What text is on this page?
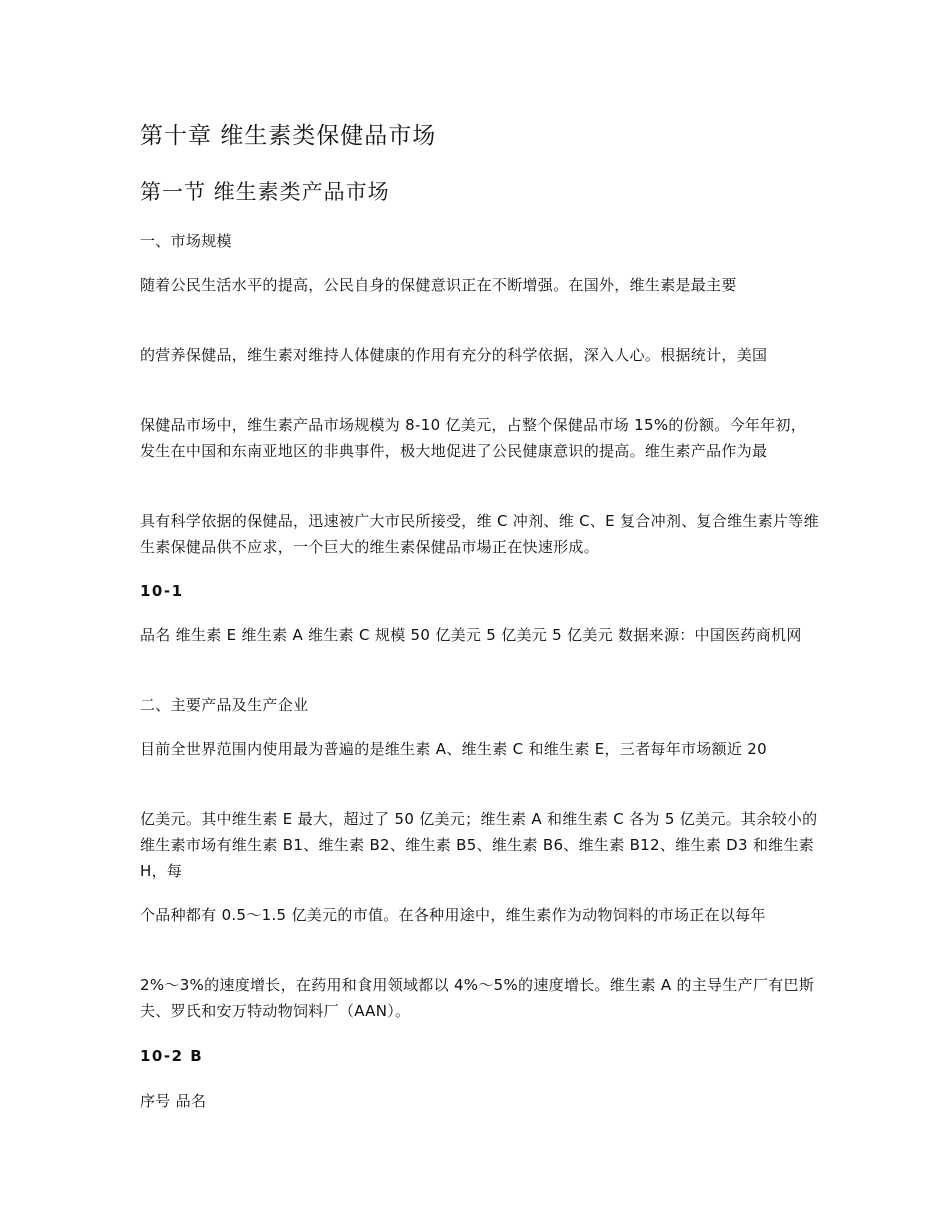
第十章 维生素类保健品市场
第一节 维生素类产品市场
一、市场规模
随着公民生活水平的提高，公民自身的保健意识正在不断增强。在国外，维生素是最主要
的营养保健品，维生素对维持人体健康的作用有充分的科学依据，深入人心。根据统计，美国
保健品市场中，维生素产品市场规模为 8-10 亿美元，占整个保健品市场 15%的份额。今年年初，发生在中国和东南亚地区的非典事件，极大地促进了公民健康意识的提高。维生素产品作为最
具有科学依据的保健品，迅速被广大市民所接受，维 C 冲剂、维 C、E 复合冲剂、复合维生素片等维生素保健品供不应求，一个巨大的维生素保健品市場正在快速形成。
10-1
品名 维生素 E 维生素 A 维生素 C 规模 50 亿美元 5 亿美元 5 亿美元 数据来源：中国医药商机网
二、主要产品及生产企业
目前全世界范围内使用最为普遍的是维生素 A、维生素 C 和维生素 E，三者每年市场额近 20
亿美元。其中维生素 E 最大，超过了 50 亿美元；维生素 A 和维生素 C 各为 5 亿美元。其余较小的维生素市场有维生素 B1、维生素 B2、维生素 B5、维生素 B6、维生素 B12、维生素 D3 和维生素 H，每
个品种都有 0.5～1.5 亿美元的市值。在各种用途中，维生素作为动物饲料的市场正在以每年
2%～3%的速度增长，在药用和食用领域都以 4%～5%的速度增长。维生素 A 的主导生产厂有巴斯夫、罗氏和安万特动物饲料厂（AAN）。
10-2 B
序号 品名
